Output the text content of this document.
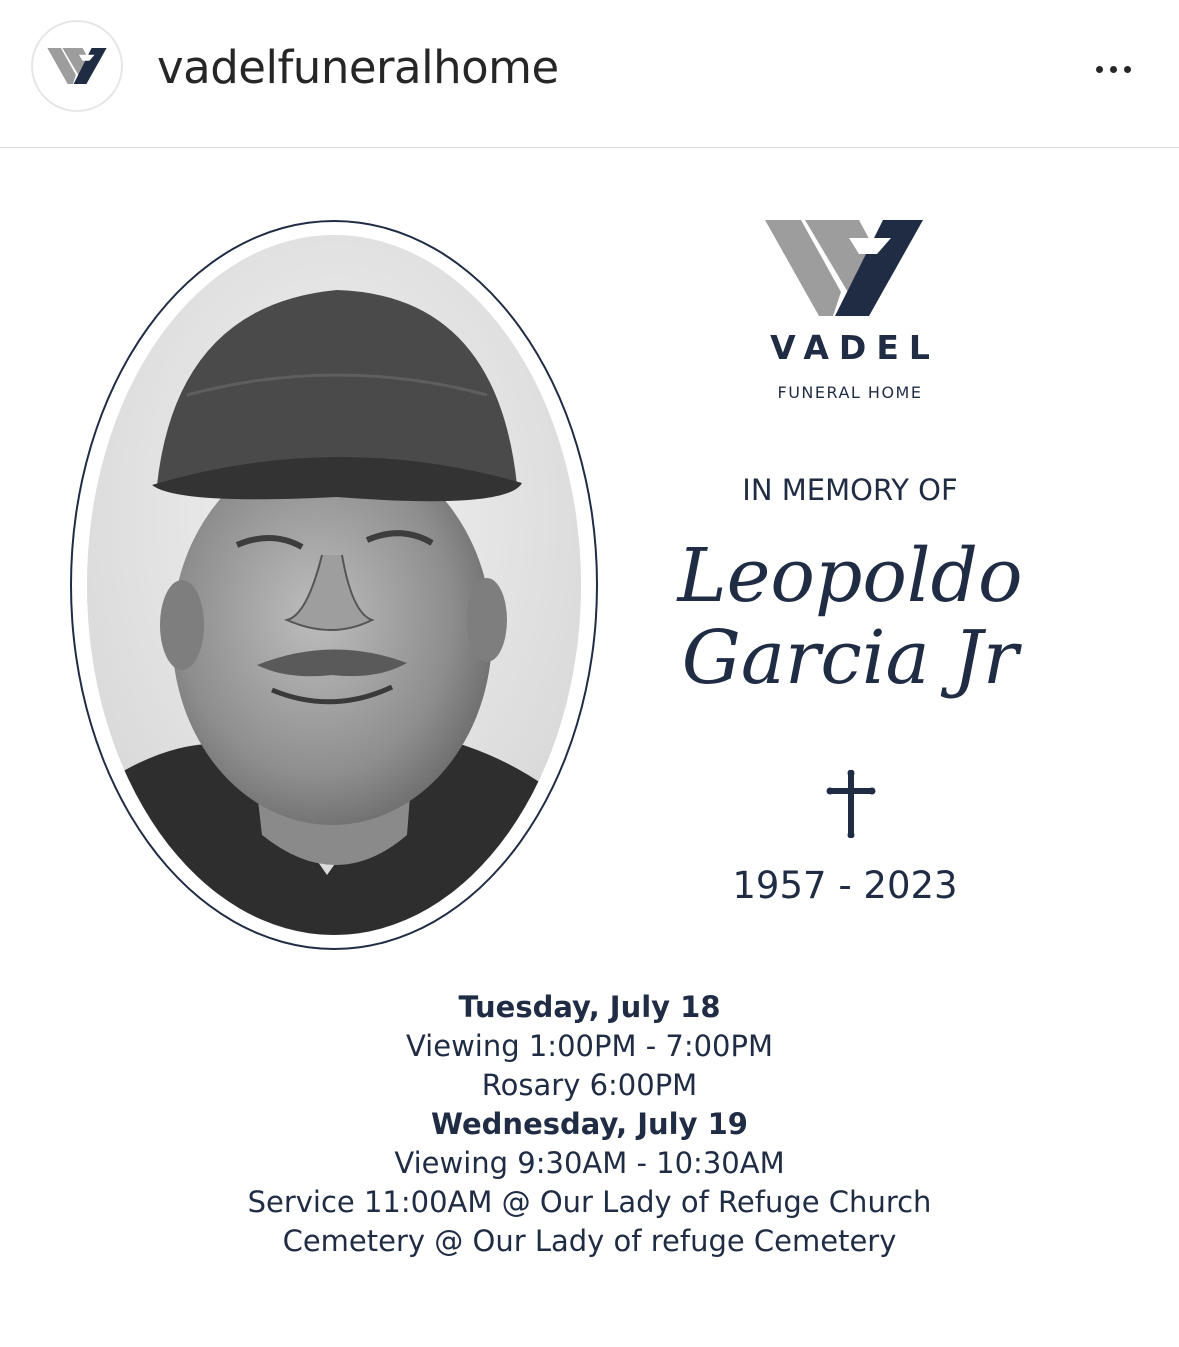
vadelfuneralhome
VADEL
FUNERAL HOME
IN MEMORY OF
Leopoldo
Garcia Jr
1957 - 2023
Tuesday, July 18
Viewing 1:00PM - 7:00PM
Rosary 6:00PM
Wednesday, July 19
Viewing 9:30AM - 10:30AM
Service 11:00AM @ Our Lady of Refuge Church
Cemetery @ Our Lady of refuge Cemetery
